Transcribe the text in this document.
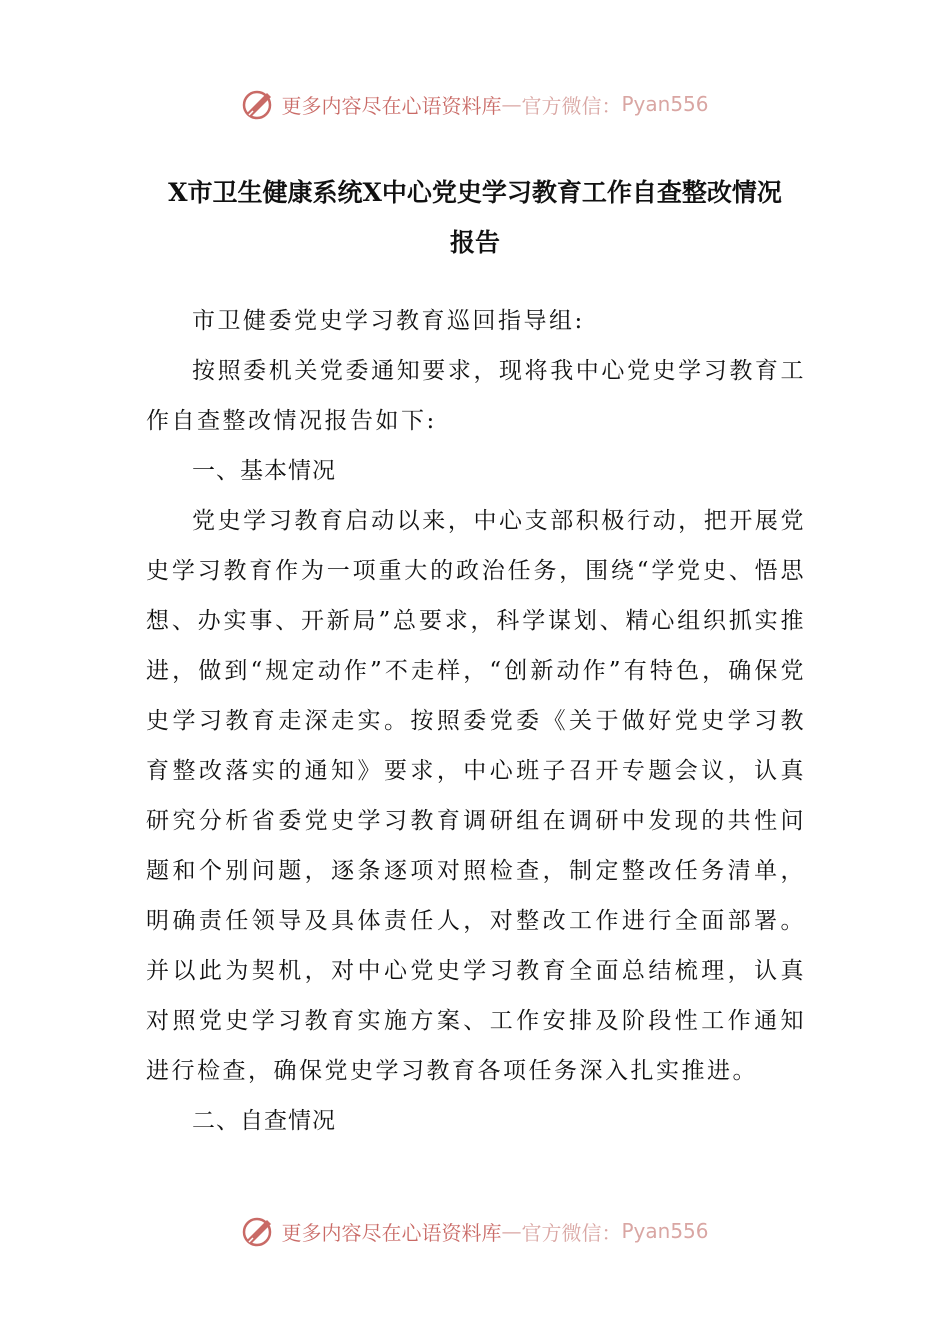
更多内容尽在心语资料库 — 官方微信： Pyan556
X市卫生健康系统X中心党史学习教育工作自查整改情况
报告

市卫健委党史学习教育巡回指导组:

按照委机关党委通知要求，现将我中心党史学习教育工作自查整改情况报告如下:

一、基本情况

党史学习教育启动以来，中心支部积极行动，把开展党史学习教育作为一项重大的政治任务，围绕“学党史、悟思想、办实事、开新局”总要求，科学谋划、精心组织抓实推进，做到“规定动作”不走样，“创新动作”有特色，确保党史学习教育走深走实。按照委党委《关于做好党史学习教育整改落实的通知》要求，中心班子召开专题会议，认真研究分析省委党史学习教育调研组在调研中发现的共性问题和个别问题，逐条逐项对照检查，制定整改任务清单，明确责任领导及具体责任人，对整改工作进行全面部署。并以此为契机，对中心党史学习教育全面总结梳理，认真对照党史学习教育实施方案、工作安排及阶段性工作通知进行检查，确保党史学习教育各项任务深入扎实推进。

二、自查情况
更多内容尽在心语资料库 — 官方微信： Pyan556
